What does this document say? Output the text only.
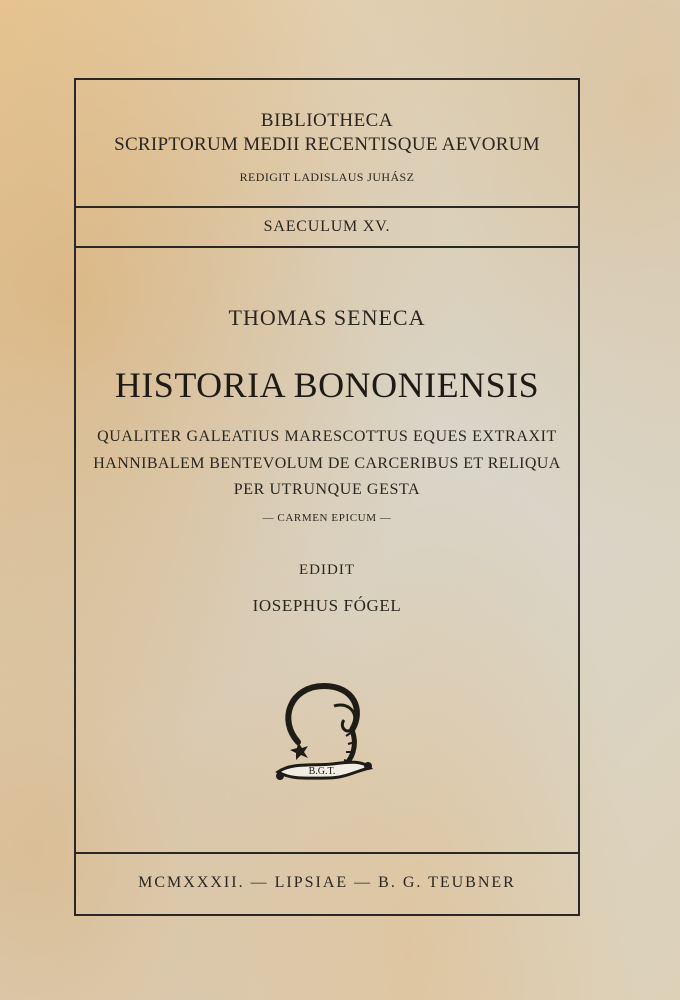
BIBLIOTHECA
SCRIPTORUM MEDII RECENTISQUE AEVORUM
REDIGIT LADISLAUS JUHÁSZ
SAECULUM XV.
THOMAS SENECA
HISTORIA BONONIENSIS
QUALITER GALEATIUS MARESCOTTUS EQUES EXTRAXIT
HANNIBALEM BENTEVOLUM DE CARCERIBUS ET RELIQUA
PER UTRUNQUE GESTA
— CARMEN EPICUM —
EDIDIT
IOSEPHUS FÓGEL
B.G.T.
MCMXXXII. — LIPSIAE — B. G. TEUBNER
